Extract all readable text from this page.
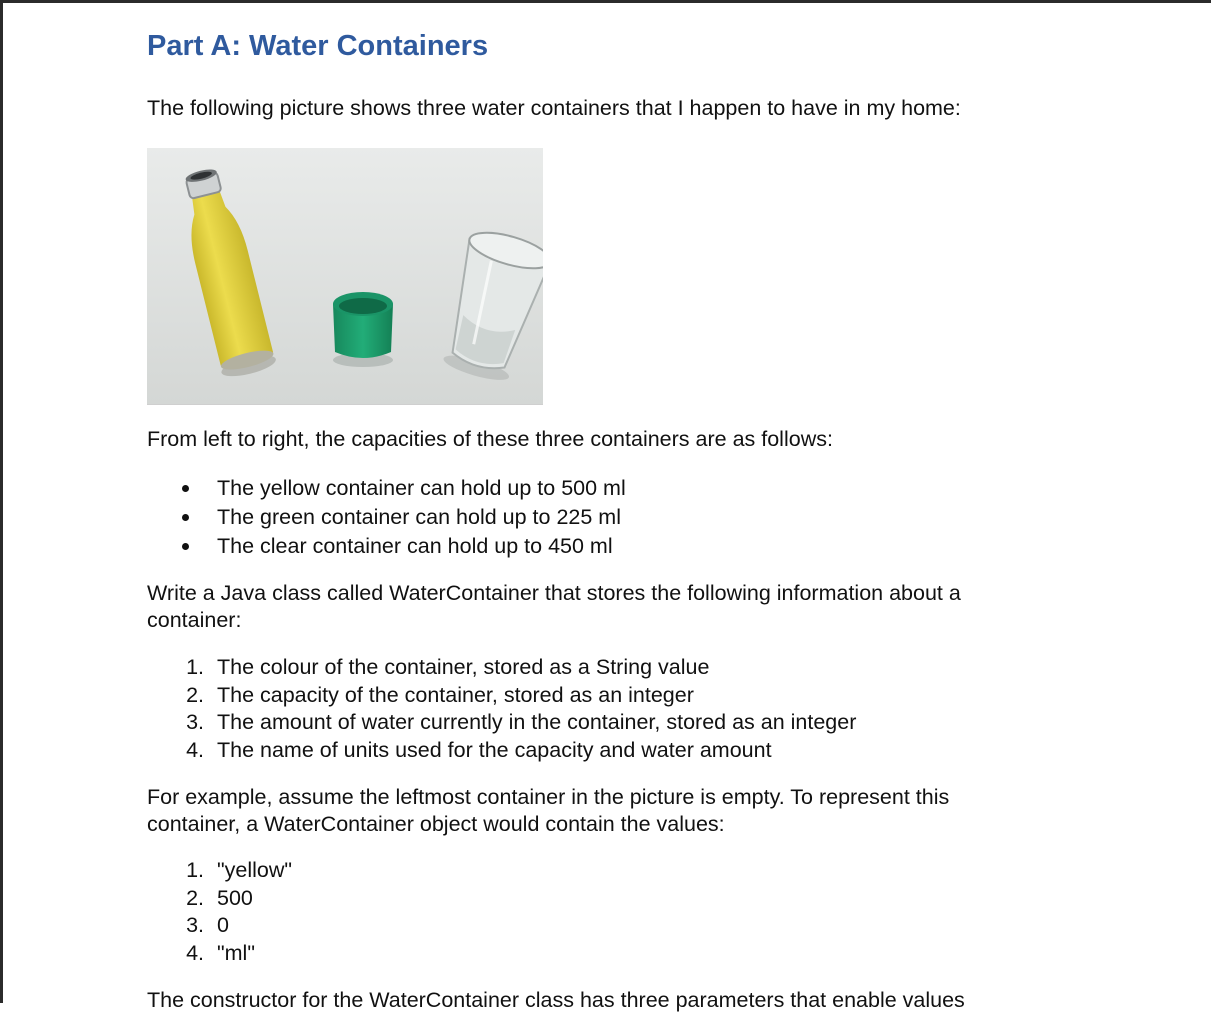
Part A: Water Containers

The following picture shows three water containers that I happen to have in my home:

From left to right, the capacities of these three containers are as follows:

The yellow container can hold up to 500 ml
The green container can hold up to 225 ml
The clear container can hold up to 450 ml

Write a Java class called WaterContainer that stores the following information about a

container:

1. The colour of the container, stored as a String value
2. The capacity of the container, stored as an integer
3. The amount of water currently in the container, stored as an integer
4. The name of units used for the capacity and water amount

For example, assume the leftmost container in the picture is empty. To represent this

container, a WaterContainer object would contain the values:

1. "yellow"
2. 500
3. 0
4. "ml"

The constructor for the WaterContainer class has three parameters that enable values
